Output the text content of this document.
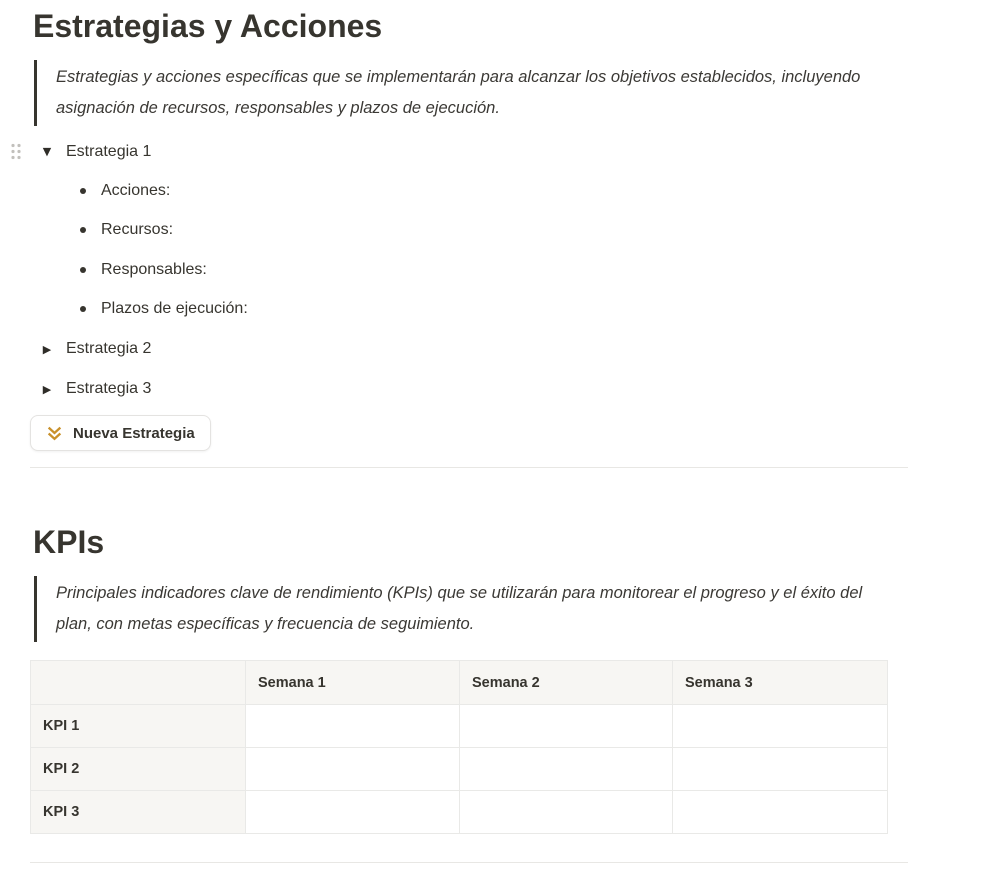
Estrategias y Acciones
Estrategias y acciones específicas que se implementarán para alcanzar los objetivos establecidos, incluyendo asignación de recursos, responsables y plazos de ejecución.
▼ Estrategia 1
Acciones:
Recursos:
Responsables:
Plazos de ejecución:
▶ Estrategia 2
▶ Estrategia 3
Nueva Estrategia
KPIs
Principales indicadores clave de rendimiento (KPIs) que se utilizarán para monitorear el progreso y el éxito del plan, con metas específicas y frecuencia de seguimiento.
	Semana 1	Semana 2	Semana 3
KPI 1			
KPI 2			
KPI 3			
